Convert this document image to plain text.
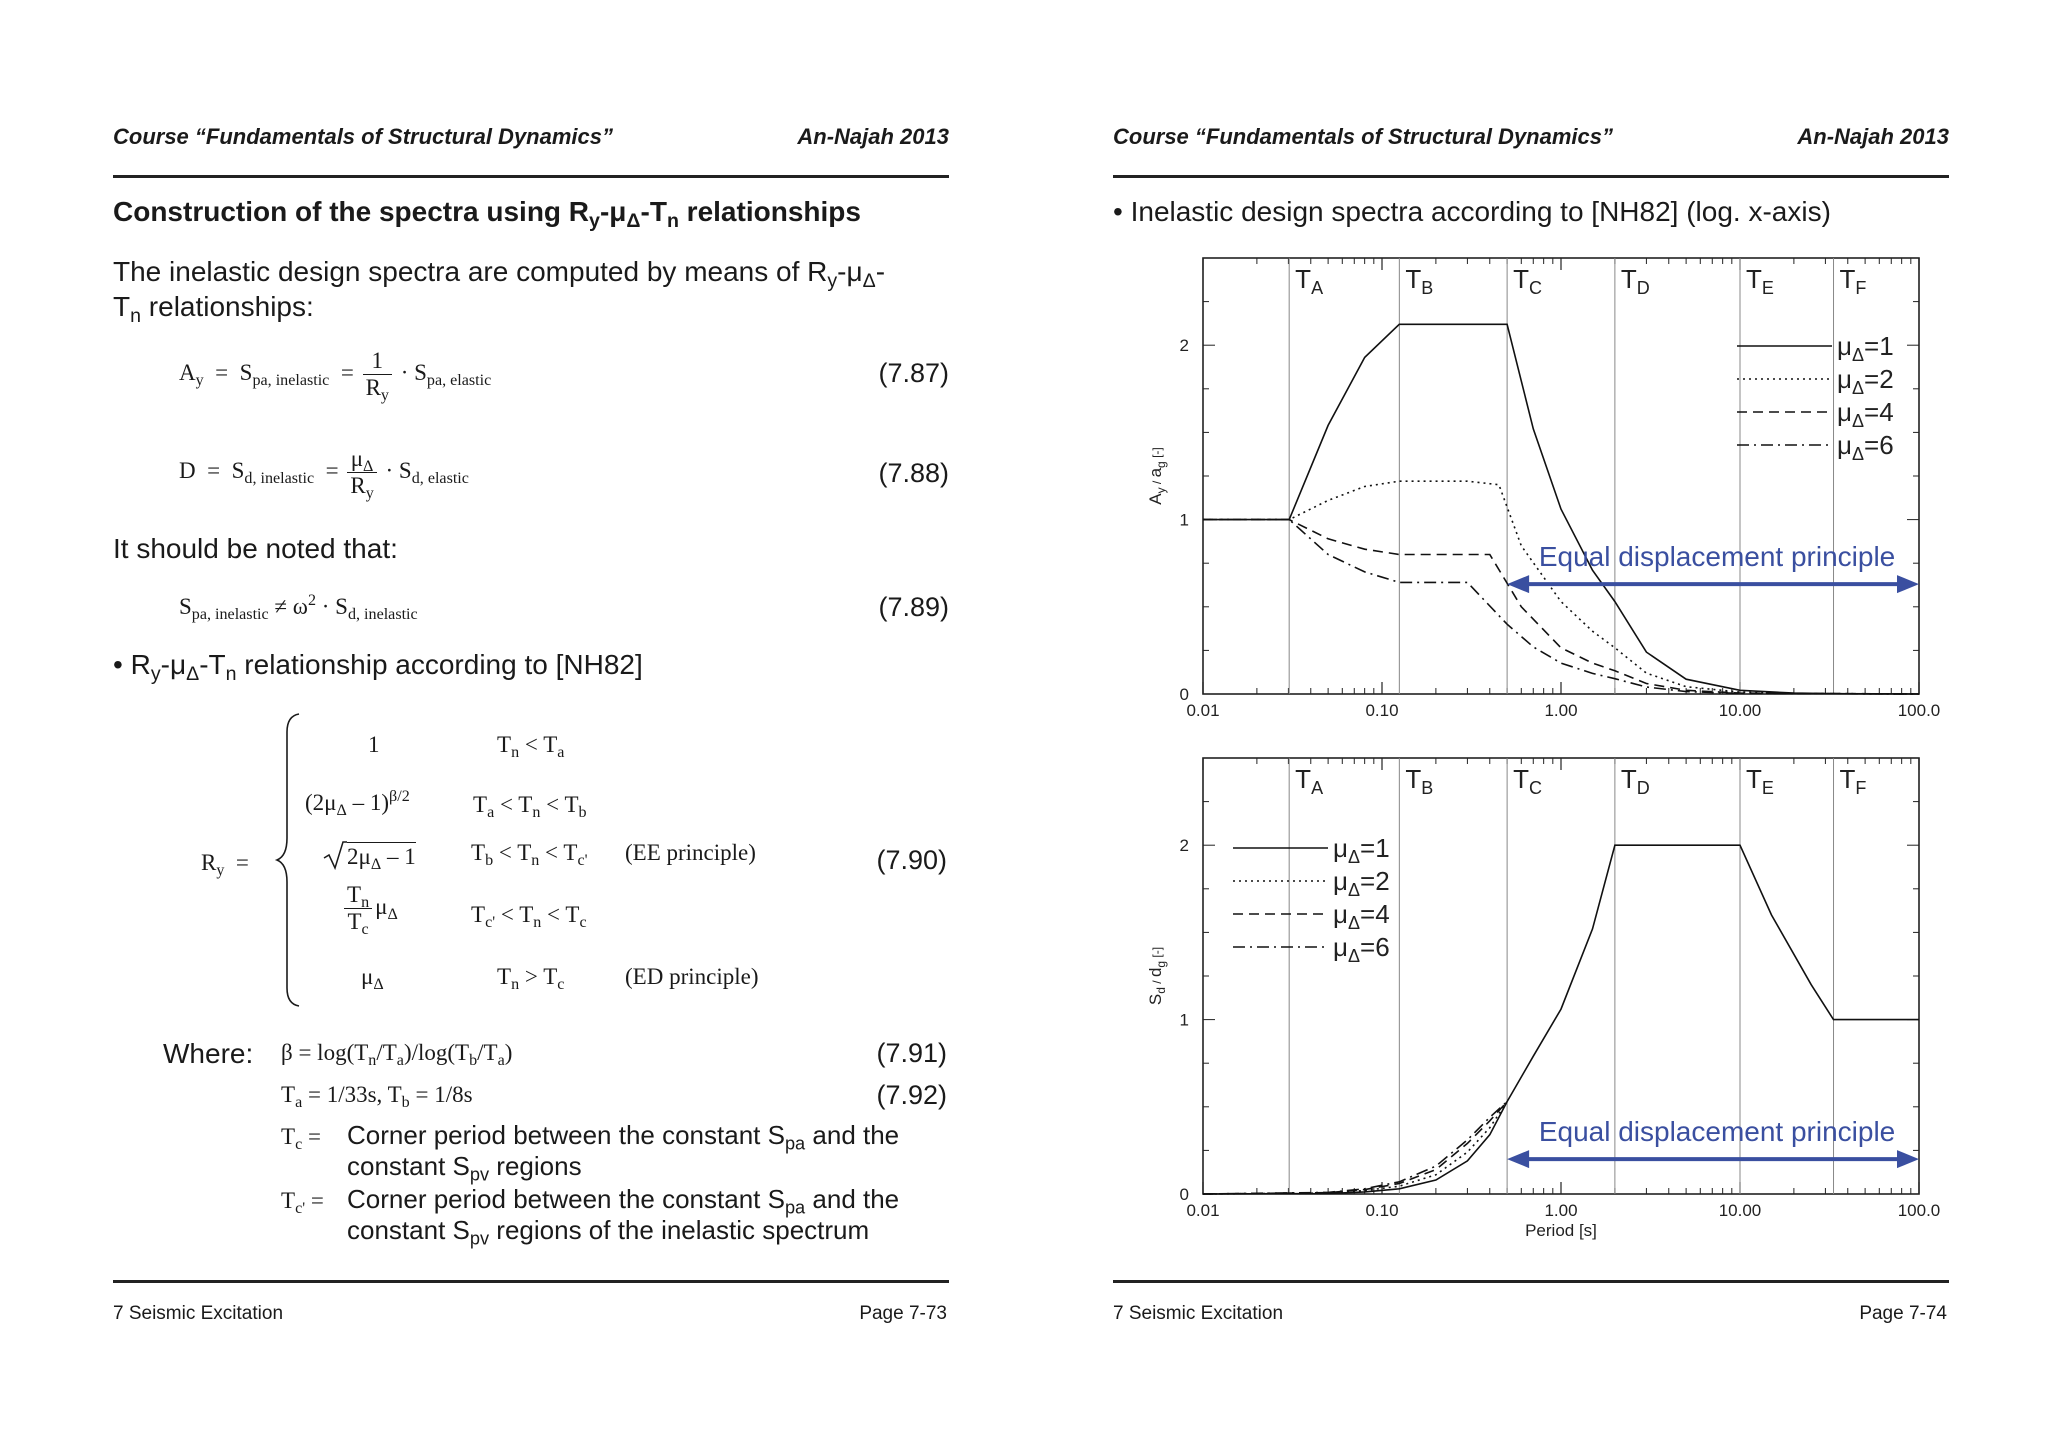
Course “Fundamentals of Structural Dynamics”	An-Najah 2013
Construction of the spectra using $R_y-\mu_\Delta-T_n$ relationships
The inelastic design spectra are computed by means of $R_y-\mu_\Delta-$
$T_n$ relationships:
$A_y = S_{pa, inelastic} = \frac{1}{R_y} \cdot S_{pa, elastic}$	(7.87)
$D = S_{d, inelastic} = \frac{\mu_\Delta}{R_y} \cdot S_{d, elastic}$	(7.88)
It should be noted that:
$S_{pa, inelastic} \ne \omega^2 \cdot S_{d, inelastic}$	(7.89)
• $R_y-\mu_\Delta-T_n$ relationship according to [NH82]
$R_y$ =
1	$T_n < T_a$
$(2\mu_\Delta - 1)^{\beta/2}$	$T_a < T_n < T_b$
$2\mu_\Delta - 1$ $T_b < T_n < T_{c'}$ (EE principle)
$\frac{T_n}{T_c} \mu_\Delta$	$T_{c'} < T_n < T_c$
$\mu_\Delta$	$T_n > T_c$	(ED principle)
(7.90)
Where: $\beta = \log(T_n/T_a)/\log(T_b/T_a)$	(7.91)
$T_a = 1/33s$, $T_b = 1/8s$	(7.92)
$T_c$ = Corner period between the constant $S_{pa}$ and the
constant $S_{pv}$ regions
$T_{c'}$ = Corner period between the constant $S_{pa}$ and the
constant $S_{pv}$ regions of the inelastic spectrum
7 Seismic Excitation	Page 7-73
Course “Fundamentals of Structural Dynamics”	An-Najah 2013
• Inelastic design spectra according to [NH82] (log. x-axis)
0.01	0.10	1.00	10.00	100.0
0
1
2
$A_y$ / $a_g$ [-]
$T_A$	$T_B$	$T_C$	$T_D$	$T_E$	$T_F$
Equal displacement principle
$\mu_\Delta=1$
$\mu_\Delta=2$
$\mu_\Delta=4$
$\mu_\Delta=6$
0.01	0.10	1.00	10.00	100.0
0
1
2
$S_d$ / $d_g$ [-]
Period [s]
$T_A$	$T_B$	$T_C$	$T_D$	$T_E$	$T_F$
Equal displacement principle
$\mu_\Delta=1$
$\mu_\Delta=2$
$\mu_\Delta=4$
$\mu_\Delta=6$
7 Seismic Excitation	Page 7-74
